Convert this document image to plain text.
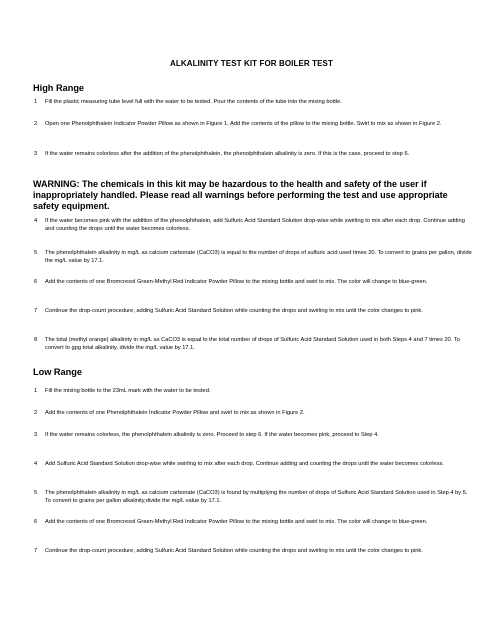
ALKALINITY TEST KIT FOR BOILER TEST
High Range
1	Fill the plastic measuring tube level full with the water to be tested. Pour the contents of the tube into the mixing bottle.
2	Open one Phenolphthalein Indicator Powder Pillow as shown in Figure 1. Add the contents of the pillow to the mixing bottle. Swirl to mix as shown in Figure 2.
3	If the water remains colorless after the addition of the phenolphthalein, the phenolphthalein alkalinity is zero. If this is the case, proceed to step 6.
WARNING: The chemicals in this kit may be hazardous to the health and safety of the user if inappropriately handled. Please read all warnings before performing the test and use appropriate safety equipment.
4	If the water becomes pink with the addition of the phenolphthalein, add Sulfuric Acid Standard Solution drop-wise while swirling to mix after each drop. Continue adding and counting the drops until the water becomes colorless.
5	The phenolphthalein alkalinity in mg/L as calcium carbonate (CaCO3) is equal to the number of drops of sulfuric acid used times 20. To convert to grains per gallon, divide the mg/L value by 17.1.
6	Add the contents of one Bromcresol Green-Methyl Red Indicator Powder Pillow to the mixing bottle and swirl to mix. The color will change to blue-green.
7	Continue the drop-count procedure, adding Sulfuric Acid Standard Solution while counting the drops and swirling to mix until the color changes to pink.
8	The total (methyl orange) alkalinity in mg/L as CaCO3 is equal to the total number of drops of Sulfuric Acid Standard Solution used in both Steps 4 and 7 times 20. To convert to gpg total alkalinity, divide the mg/L value by 17.1.
Low Range
1	Fill the mixing bottle to the 23mL mark with the water to be tested.
2	Add the contents of one Phenolphthalein Indicator Powder Pillow and swirl to mix as shown in Figure 2.
3	If the water remains colorless, the phenolphthalein alkalinity is zero. Proceed to step 6. If the water becomes pink, proceed to Step 4.
4	Add Sulfuric Acid Standard Solution drop-wise while swirling to mix after each drop. Continue adding and counting the drops until the water becomes colorless.
5	The phenolphthalein alkalinity in mg/L as calcium carbonate (CaCO3) is found by multiplying the number of drops of Sulfuric Acid Standard Solution used in Step 4 by 5. To convert to grains per gallon alkalinity,divide the mg/L value by 17.1.
6	Add the contents of one Bromcresol Green-Methyl Red Indicator Powder Pillow to the mixing bottle and swirl to mix. The color will change to blue-green.
7	Continue the drop-count procedure, adding Sulfuric Acid Standard Solution while counting the drops and swirling to mix until the color changes to pink.
